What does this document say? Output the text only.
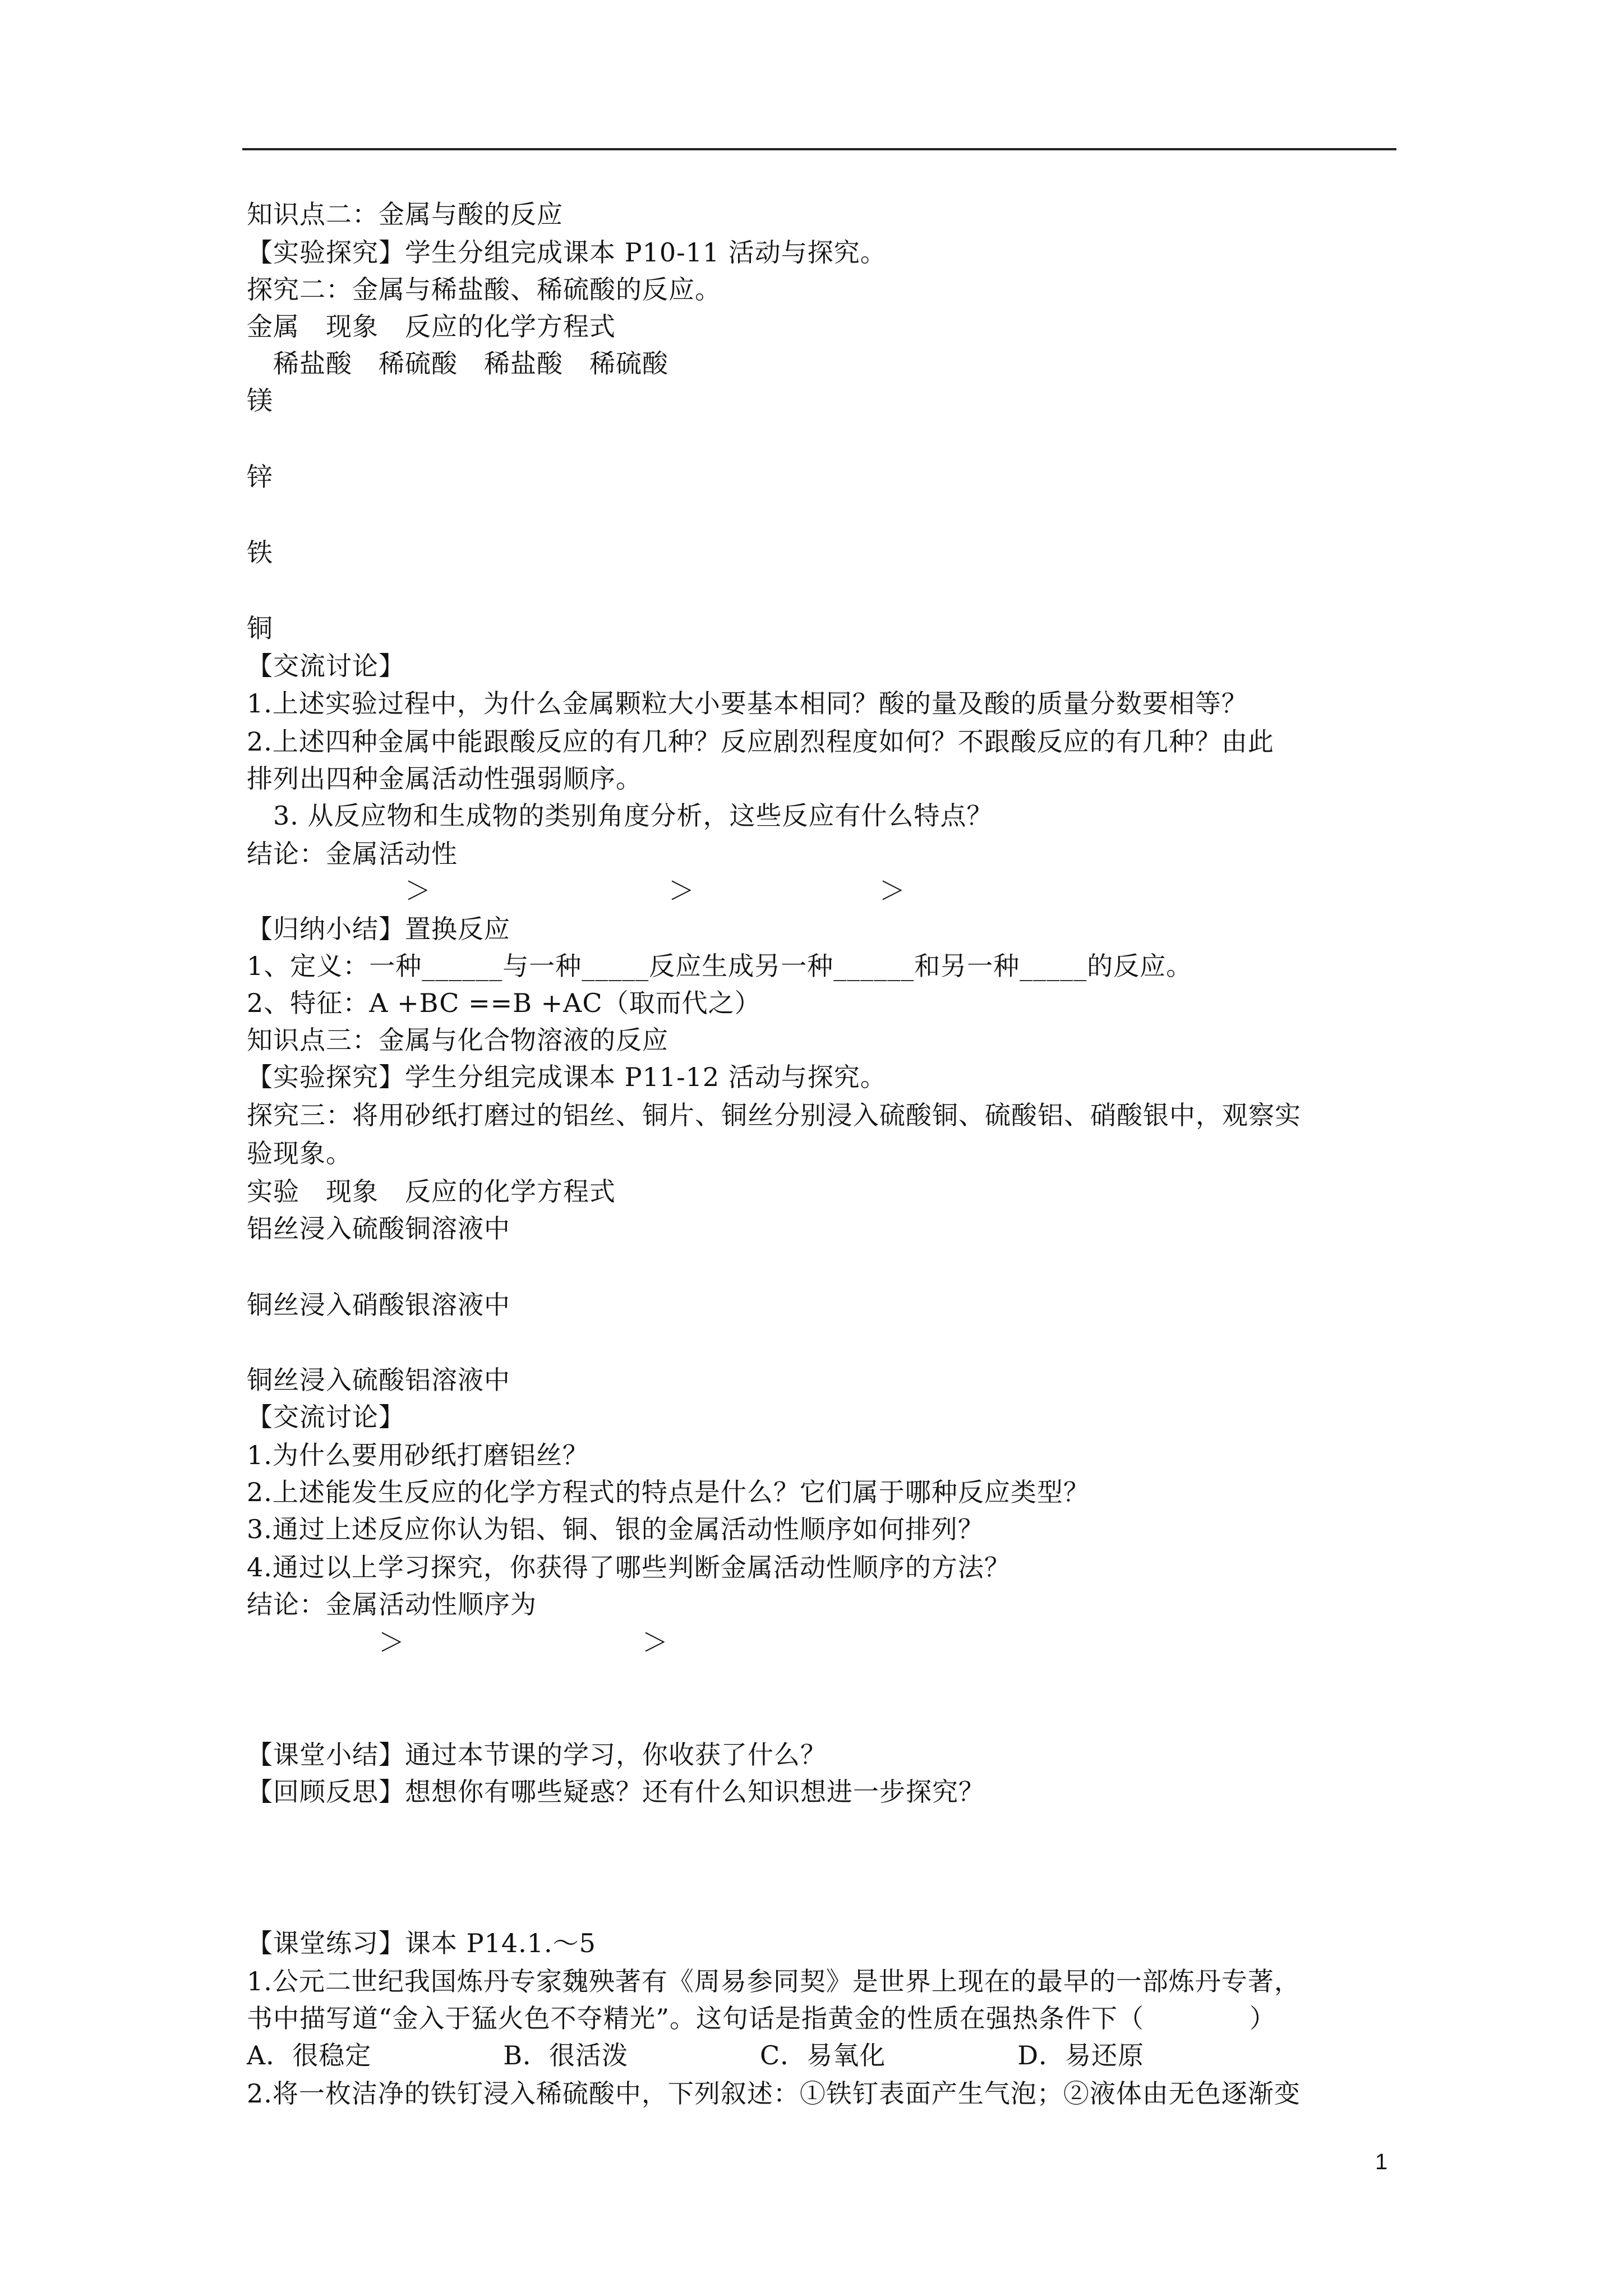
知识点二：金属与酸的反应
【实验探究】学生分组完成课本 P10-11 活动与探究。
探究二：金属与稀盐酸、稀硫酸的反应。
金属　现象　反应的化学方程式
　稀盐酸　稀硫酸　稀盐酸　稀硫酸
镁
锌
铁
铜
【交流讨论】
1.上述实验过程中，为什么金属颗粒大小要基本相同？酸的量及酸的质量分数要相等？
2.上述四种金属中能跟酸反应的有几种？反应剧烈程度如何？不跟酸反应的有几种？由此
排列出四种金属活动性强弱顺序。
　3. 从反应物和生成物的类别角度分析，这些反应有什么特点？
结论：金属活动性
　　　　　　＞　　　　　　　　　＞　　　　　　　＞
【归纳小结】置换反应
1、定义：一种______与一种_____反应生成另一种______和另一种_____的反应。
2、特征：A +BC ==B +AC（取而代之）
知识点三：金属与化合物溶液的反应
【实验探究】学生分组完成课本 P11-12 活动与探究。
探究三：将用砂纸打磨过的铝丝、铜片、铜丝分别浸入硫酸铜、硫酸铝、硝酸银中，观察实
验现象。
实验　现象　反应的化学方程式
铝丝浸入硫酸铜溶液中
铜丝浸入硝酸银溶液中
铜丝浸入硫酸铝溶液中
【交流讨论】
1.为什么要用砂纸打磨铝丝？
2.上述能发生反应的化学方程式的特点是什么？它们属于哪种反应类型？
3.通过上述反应你认为铝、铜、银的金属活动性顺序如何排列？
4.通过以上学习探究，你获得了哪些判断金属活动性顺序的方法？
结论：金属活动性顺序为
　　　　　＞　　　　　　　　　＞
【课堂小结】通过本节课的学习，你收获了什么？
【回顾反思】想想你有哪些疑惑？还有什么知识想进一步探究？
【课堂练习】课本 P14.1.～5
1.公元二世纪我国炼丹专家魏殃著有《周易参同契》是世界上现在的最早的一部炼丹专著，
书中描写道“金入于猛火色不夺精光”。这句话是指黄金的性质在强热条件下（　　　　）
A．很稳定　　　　　B．很活泼　　　　　C．易氧化　　　　　D．易还原
2.将一枚洁净的铁钉浸入稀硫酸中，下列叙述：①铁钉表面产生气泡；②液体由无色逐渐变
1
